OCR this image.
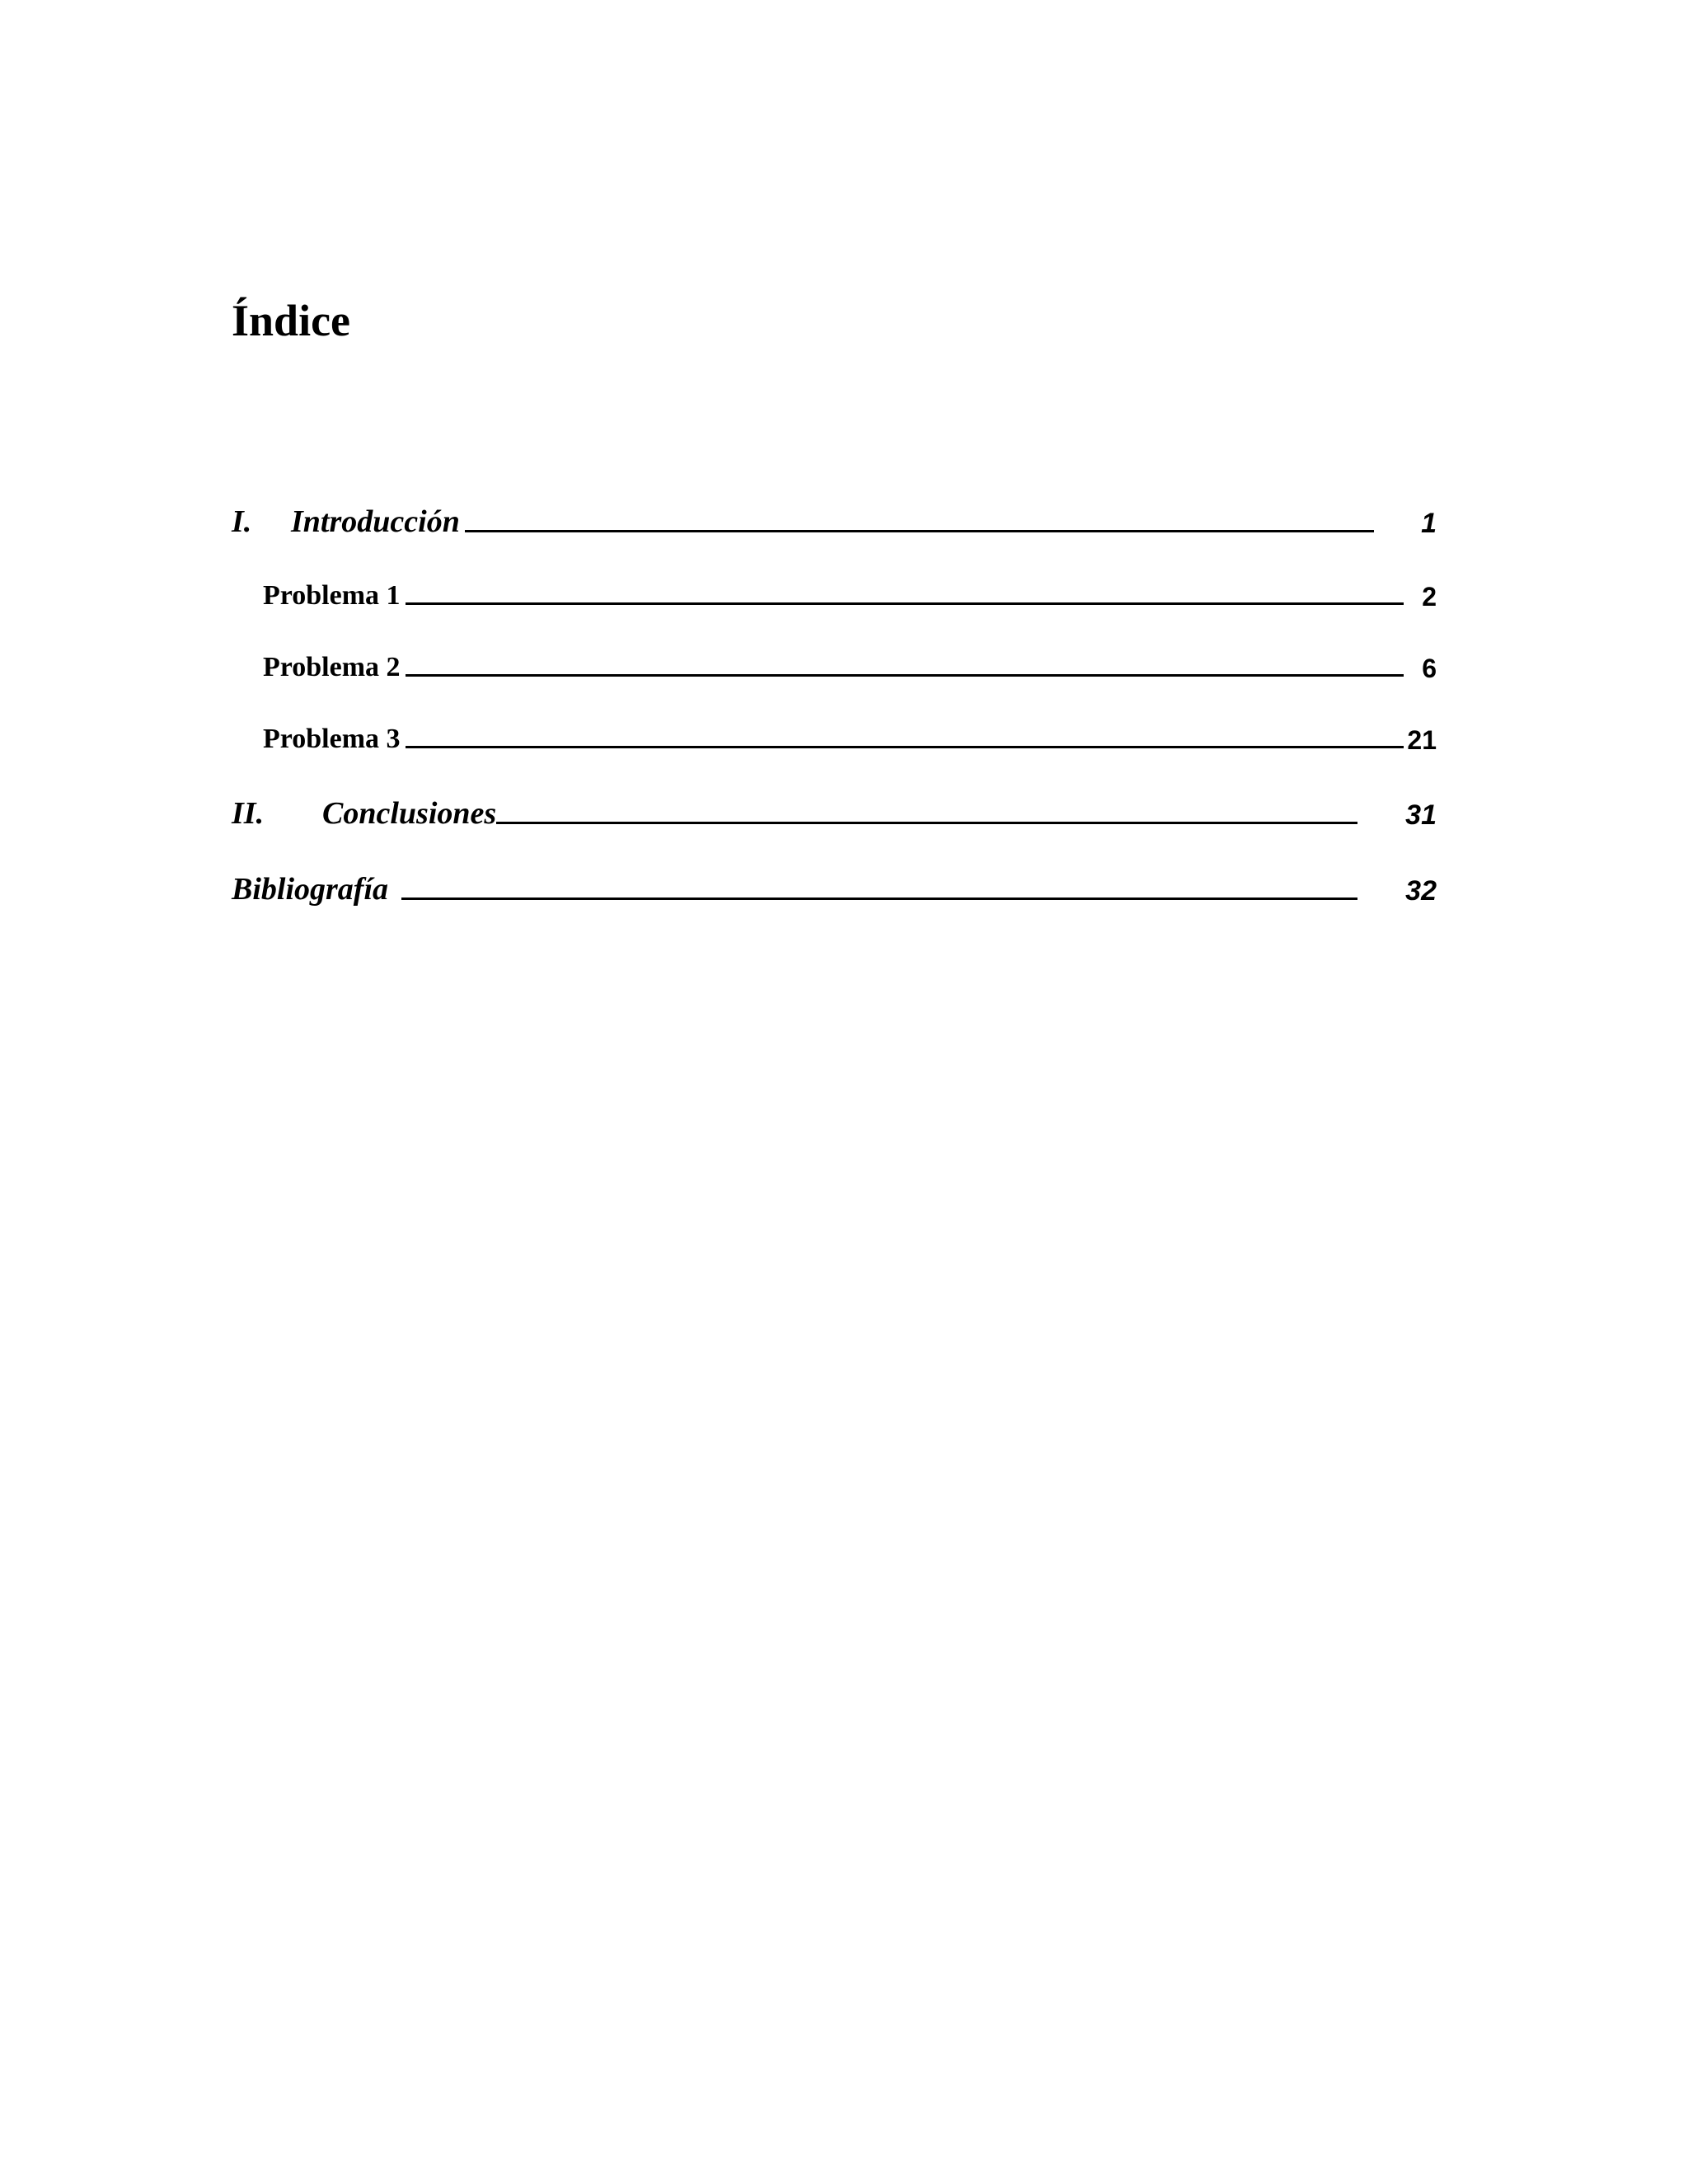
Índice
I.	Introducción	1
Problema 1	2
Problema 2	6
Problema 3	21
II.	Conclusiones	31
Bibliografía	32
